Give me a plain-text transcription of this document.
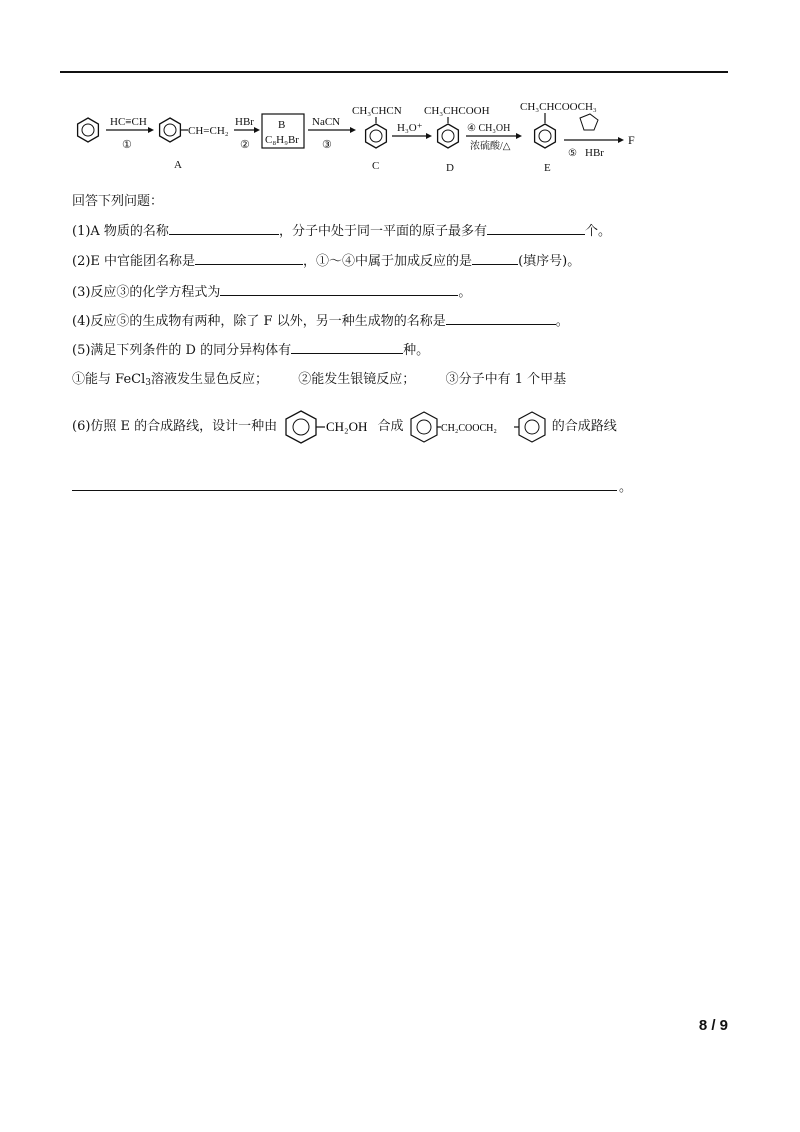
HC≡CH
①
CH=CH₂
A
HBr
②
B
C₈H₉Br
NaCN
③
CH₃CHCN
C
H₃O⁺
CH₃CHCOOH
D
④ CH₃OH
浓硫酸/△
CH₃CHCOOCH₃
E
⑤ HBr
F
回答下列问题：
(1)A 物质的名称	，分子中处于同一平面的原子最多有	个。
(2)E 中官能团名称是	，①～④中属于加成反应的是	(填序号)。
(3)反应③的化学方程式为	。
(4)反应⑤的生成物有两种，除了 F 以外，另一种生成物的名称是	。
(5)满足下列条件的 D 的同分异构体有	种。
①能与 FeCl$_3$溶液发生显色反应； ②能发生银镜反应； ③分子中有 1 个甲基
(6)仿照 E 的合成路线，设计一种由	CH₂OH 合成	CH₂COOCH₂	的合成路线
。
8 / 9
